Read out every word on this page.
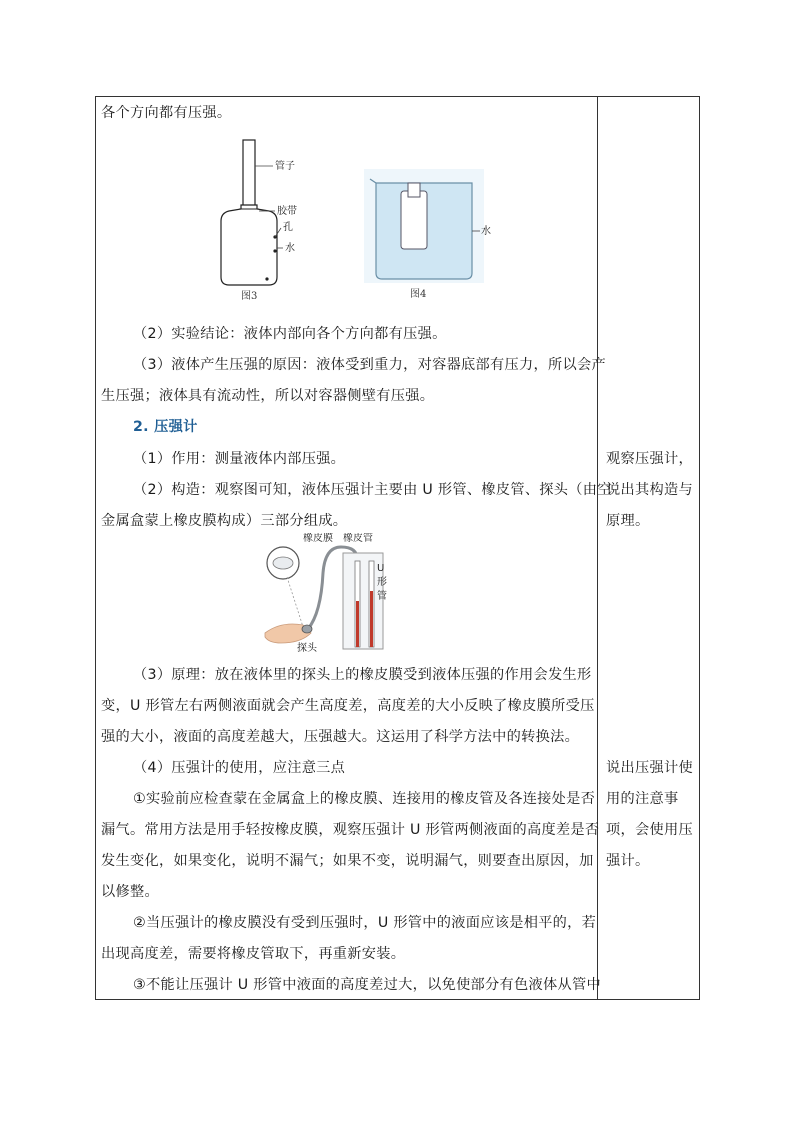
各个方向都有压强。
管子
胶带
孔
水
图3
水
图4
（2）实验结论：液体内部向各个方向都有压强。
（3）液体产生压强的原因：液体受到重力，对容器底部有压力，所以会产
生压强；液体具有流动性，所以对容器侧壁有压强。
2. 压强计
（1）作用：测量液体内部压强。
（2）构造：观察图可知，液体压强计主要由 U 形管、橡皮管、探头（由空
金属盒蒙上橡皮膜构成）三部分组成。
橡皮膜 橡皮管
U
形
管
探头
（3）原理：放在液体里的探头上的橡皮膜受到液体压强的作用会发生形
变，U 形管左右两侧液面就会产生高度差，高度差的大小反映了橡皮膜所受压
强的大小，液面的高度差越大，压强越大。这运用了科学方法中的转换法。
（4）压强计的使用，应注意三点
①实验前应检查蒙在金属盒上的橡皮膜、连接用的橡皮管及各连接处是否
漏气。常用方法是用手轻按橡皮膜，观察压强计 U 形管两侧液面的高度差是否
发生变化，如果变化，说明不漏气；如果不变，说明漏气，则要查出原因，加
以修整。
②当压强计的橡皮膜没有受到压强时，U 形管中的液面应该是相平的，若
出现高度差，需要将橡皮管取下，再重新安装。
③不能让压强计 U 形管中液面的高度差过大，以免使部分有色液体从管中
观察压强计，
说出其构造与
原理。
说出压强计使
用的注意事
项，会使用压
强计。
